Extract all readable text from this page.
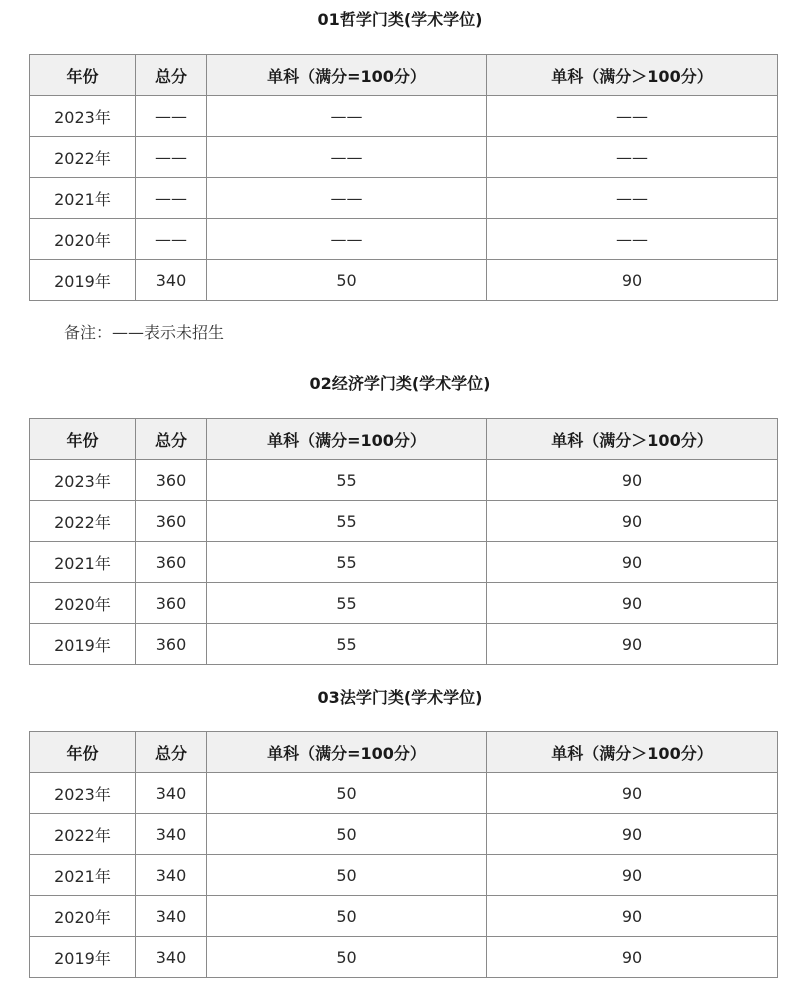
01哲学门类(学术学位)
年份	总分	单科（满分=100分）	单科（满分＞100分）
2023年	——	——	——
2022年	——	——	——
2021年	——	——	——
2020年	——	——	——
2019年	340	50	90
备注：——表示未招生
02经济学门类(学术学位)
年份	总分	单科（满分=100分）	单科（满分＞100分）
2023年	360	55	90
2022年	360	55	90
2021年	360	55	90
2020年	360	55	90
2019年	360	55	90
03法学门类(学术学位)
年份	总分	单科（满分=100分）	单科（满分＞100分）
2023年	340	50	90
2022年	340	50	90
2021年	340	50	90
2020年	340	50	90
2019年	340	50	90
